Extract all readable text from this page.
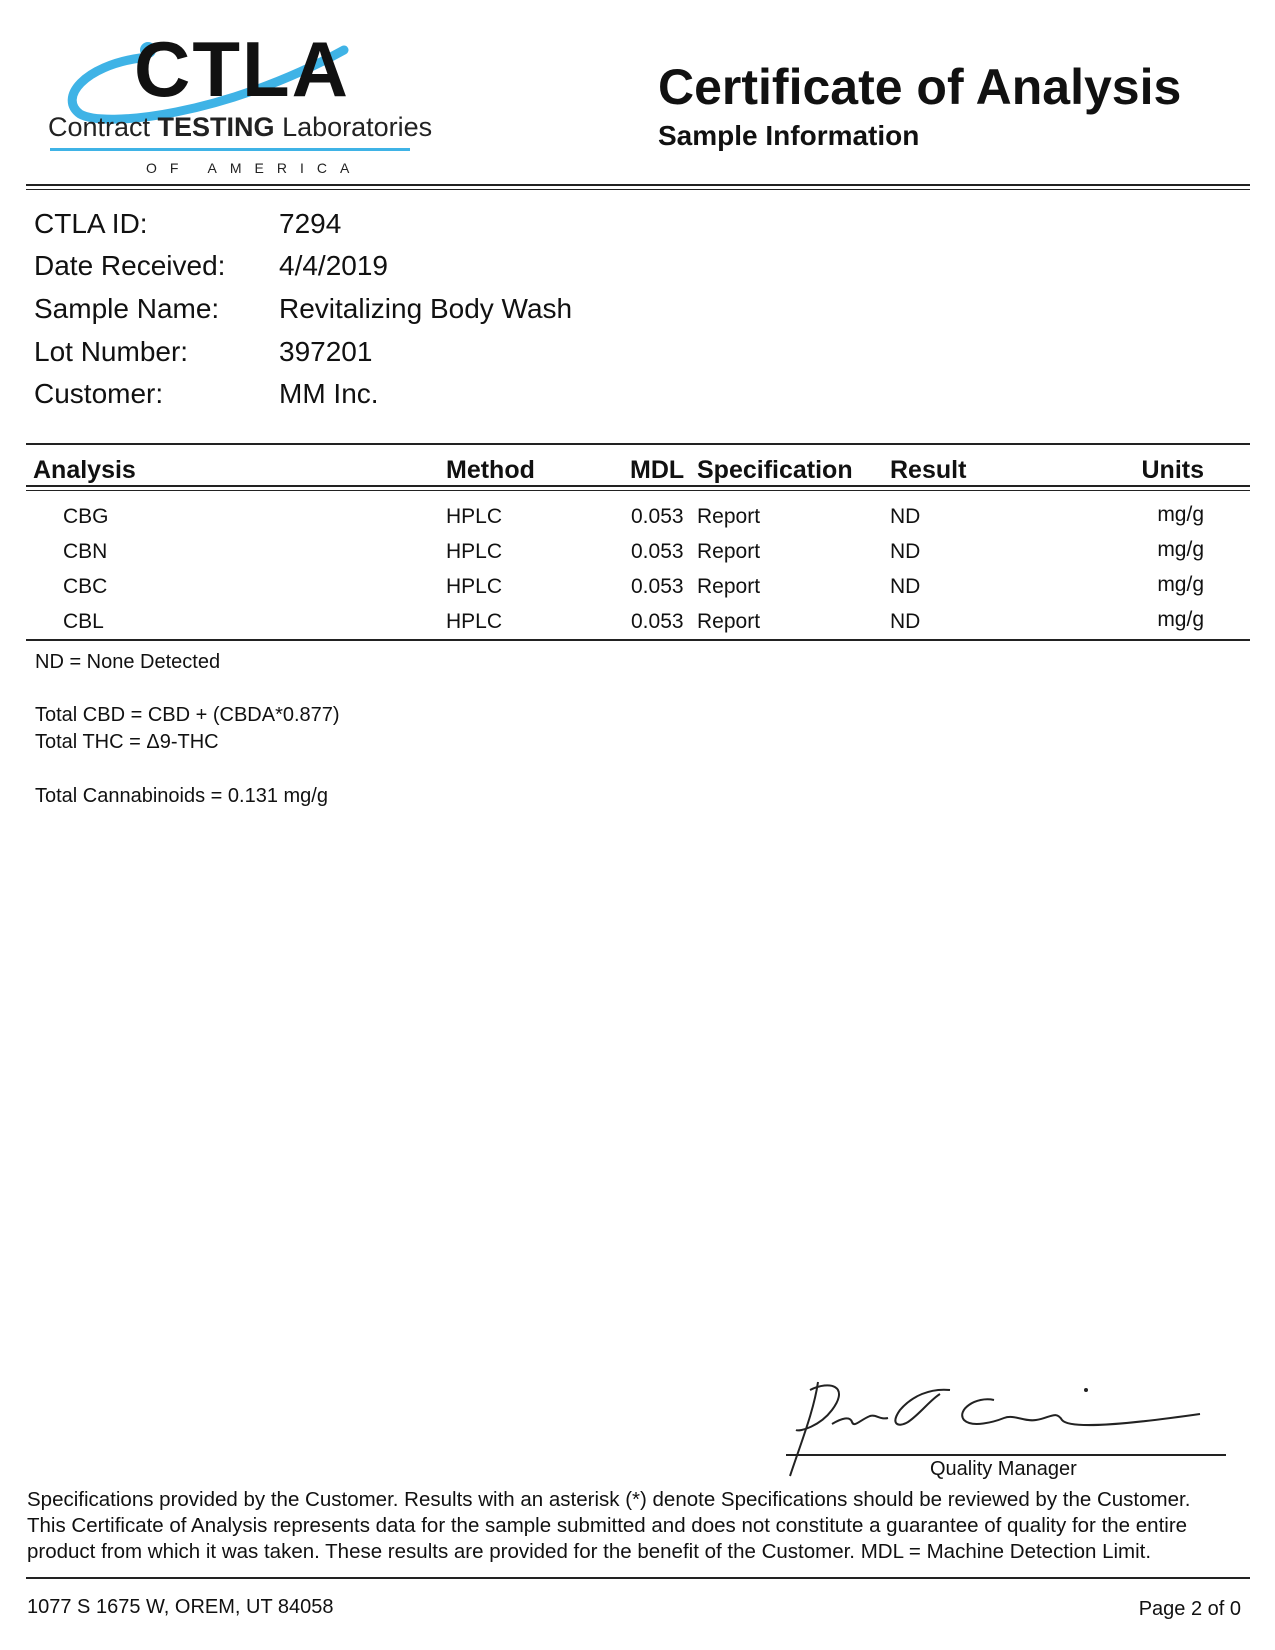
CTLA
Contract TESTING Laboratories
OF AMERICA
Certificate of Analysis
Sample Information
CTLA ID:	7294
Date Received: 4/4/2019
Sample Name: Revitalizing Body Wash
Lot Number:	397201
Customer:	MM Inc.
Analysis	Method	MDL Specification Result	Units
CBG	HPLC	0.053 Report	ND	mg/g
CBN	HPLC	0.053 Report	ND	mg/g
CBC	HPLC	0.053 Report	ND	mg/g
CBL	HPLC	0.053 Report	ND	mg/g
ND = None Detected
Total CBD = CBD + (CBDA*0.877)
Total THC = Δ9-THC
Total Cannabinoids = 0.131 mg/g
Quality Manager
Specifications provided by the Customer. Results with an asterisk (*) denote Specifications should be reviewed by the Customer.
This Certificate of Analysis represents data for the sample submitted and does not constitute a guarantee of quality for the entire
product from which it was taken. These results are provided for the benefit of the Customer. MDL = Machine Detection Limit.
1077 S 1675 W, OREM, UT 84058	Page 2 of 0
